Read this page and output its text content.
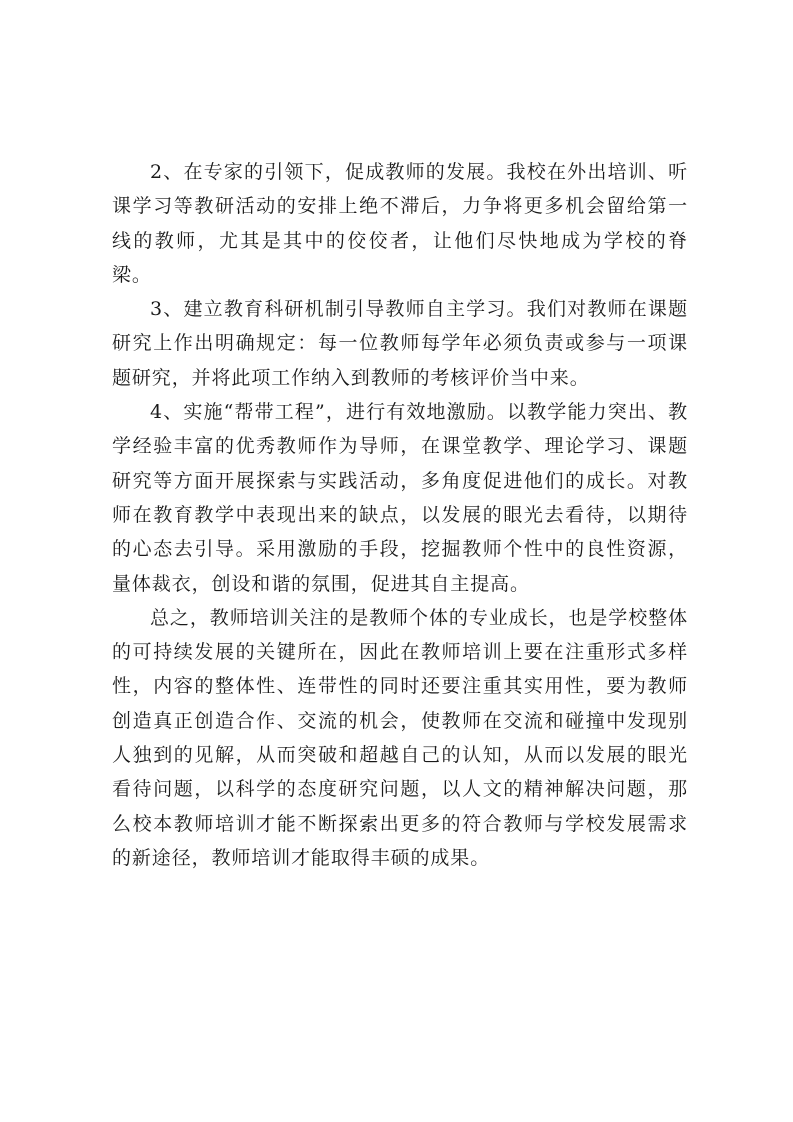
2、在专家的引领下，促成教师的发展。我校在外出培训、听课学习等教研活动的安排上绝不滞后，力争将更多机会留给第一线的教师，尤其是其中的佼佼者，让他们尽快地成为学校的脊梁。

3、建立教育科研机制引导教师自主学习。我们对教师在课题研究上作出明确规定：每一位教师每学年必须负责或参与一项课题研究，并将此项工作纳入到教师的考核评价当中来。

4、实施“帮带工程”，进行有效地激励。以教学能力突出、教学经验丰富的优秀教师作为导师，在课堂教学、理论学习、课题研究等方面开展探索与实践活动，多角度促进他们的成长。对教师在教育教学中表现出来的缺点，以发展的眼光去看待，以期待的心态去引导。采用激励的手段，挖掘教师个性中的良性资源，量体裁衣，创设和谐的氛围，促进其自主提高。

总之，教师培训关注的是教师个体的专业成长，也是学校整体的可持续发展的关键所在，因此在教师培训上要在注重形式多样性，内容的整体性、连带性的同时还要注重其实用性，要为教师创造真正创造合作、交流的机会，使教师在交流和碰撞中发现别人独到的见解，从而突破和超越自己的认知，从而以发展的眼光看待问题，以科学的态度研究问题，以人文的精神解决问题，那么校本教师培训才能不断探索出更多的符合教师与学校发展需求的新途径，教师培训才能取得丰硕的成果。
